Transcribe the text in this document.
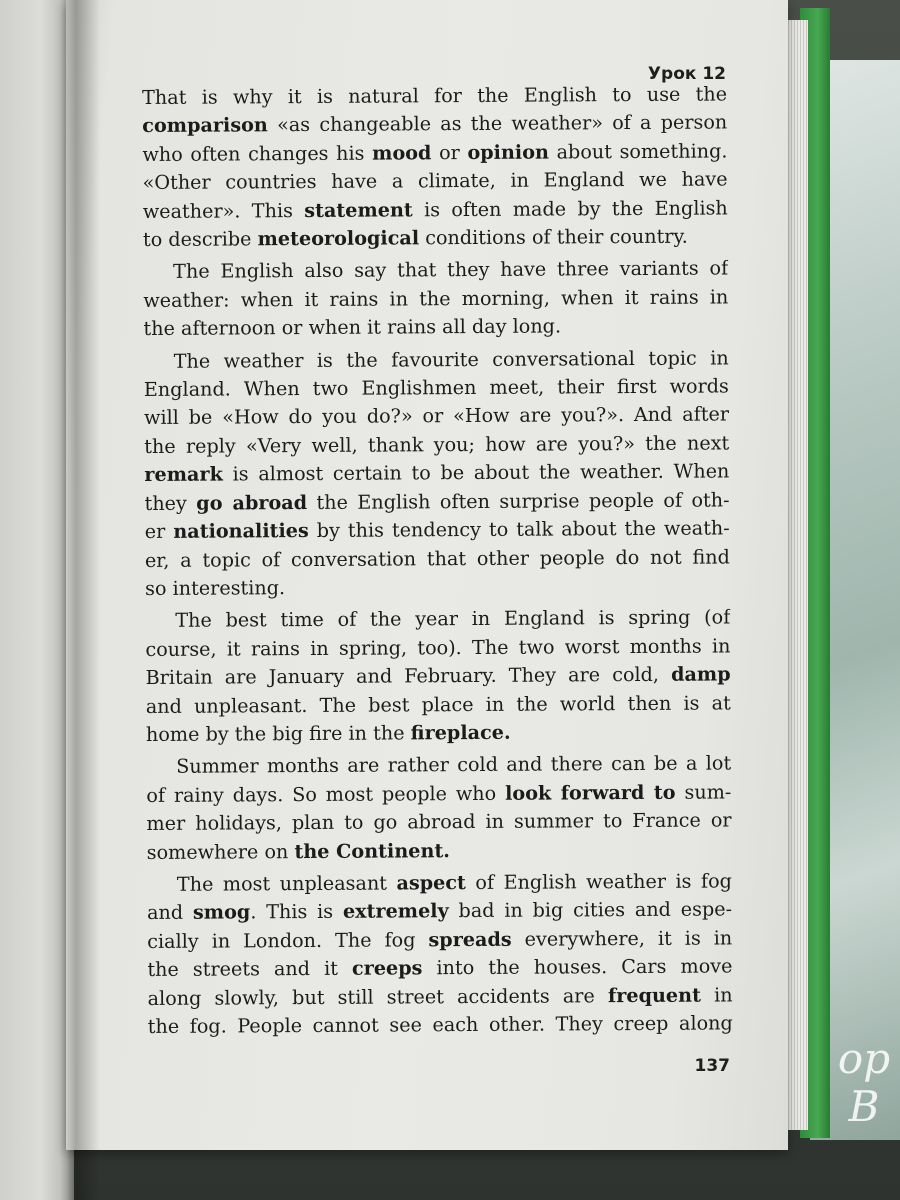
ор В

Урок 12

That is why it is natural for the English to use the
comparison «as changeable as the weather» of a person
who often changes his mood or opinion about something.
«Other countries have a climate, in England we have
weather». This statement is often made by the English
to describe meteorological conditions of their country.
The English also say that they have three variants of
weather: when it rains in the morning, when it rains in
the afternoon or when it rains all day long.
The weather is the favourite conversational topic in
England. When two Englishmen meet, their first words
will be «How do you do?» or «How are you?». And after
the reply «Very well, thank you; how are you?» the next
remark is almost certain to be about the weather. When
they go abroad the English often surprise people of oth-
er nationalities by this tendency to talk about the weath-
er, a topic of conversation that other people do not find
so interesting.
The best time of the year in England is spring (of
course, it rains in spring, too). The two worst months in
Britain are January and February. They are cold, damp
and unpleasant. The best place in the world then is at
home by the big fire in the fireplace.
Summer months are rather cold and there can be a lot
of rainy days. So most people who look forward to sum-
mer holidays, plan to go abroad in summer to France or
somewhere on the Continent.
The most unpleasant aspect of English weather is fog
and smog. This is extremely bad in big cities and espe-
cially in London. The fog spreads everywhere, it is in
the streets and it creeps into the houses. Cars move
along slowly, but still street accidents are frequent in
the fog. People cannot see each other. They creep along

137
